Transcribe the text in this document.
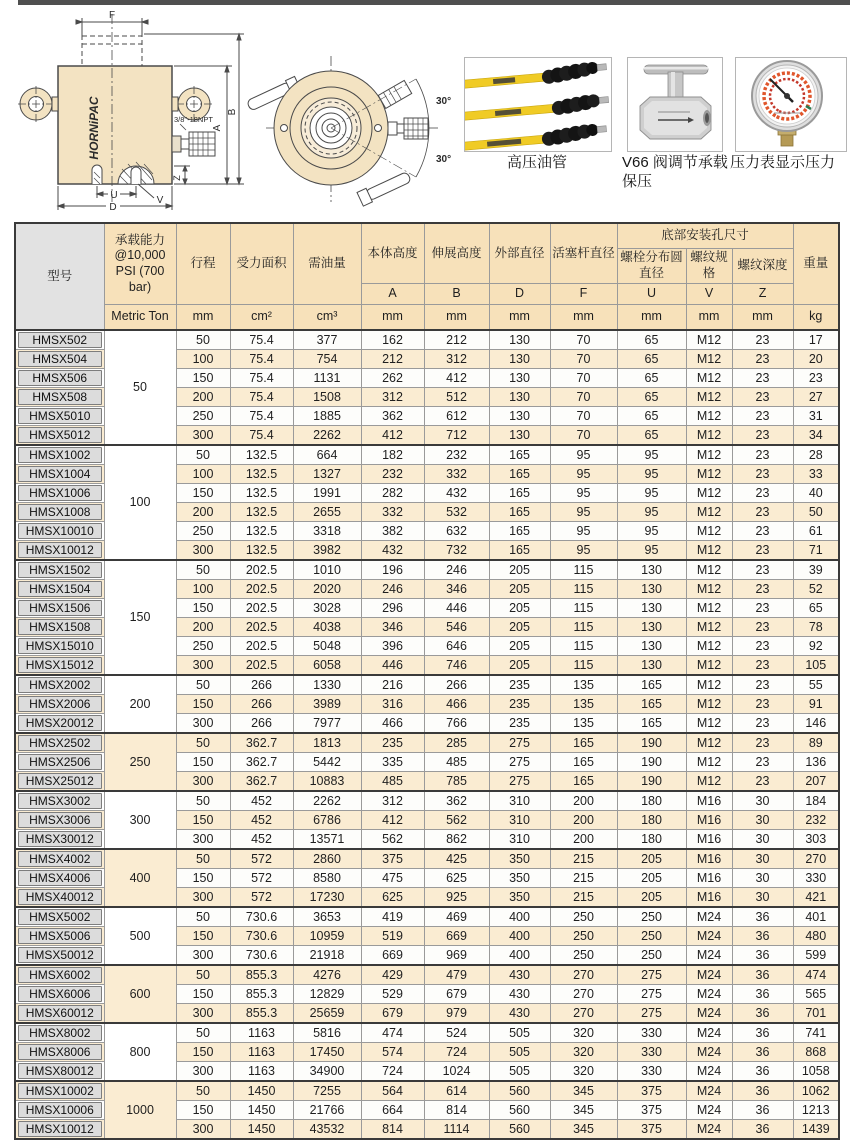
F
HORNiPAC	3/8"-18NPT
A
B
Z
U	V
D
30°
30°	高压油管	V66 阀调节承载保压
压力表显示压力
型号	承载能力 @10,000 PSI (700 bar)	行程	受力面积	需油量	本体高度	伸展高度	外部直径	活塞杆直径	底部安装孔尺寸			重量
									螺栓分布圆直径	螺纹规格	螺纹深度	
					A	B	D	F	U	V	Z	
	Metric Ton	mm	cm²	cm³	mm	mm	mm	mm	mm	mm	mm	kg

HMSX502	50	50	75.4	377	162	212	130	70	65	M12	23	17

HMSX504		100	75.4	754	212	312	130	70	65	M12	23	20

HMSX506		150	75.4	1131	262	412	130	70	65	M12	23	23

HMSX508		200	75.4	1508	312	512	130	70	65	M12	23	27

HMSX5010		250	75.4	1885	362	612	130	70	65	M12	23	31

HMSX5012		300	75.4	2262	412	712	130	70	65	M12	23	34

HMSX1002	100	50	132.5	664	182	232	165	95	95	M12	23	28

HMSX1004		100	132.5	1327	232	332	165	95	95	M12	23	33

HMSX1006		150	132.5	1991	282	432	165	95	95	M12	23	40

HMSX1008		200	132.5	2655	332	532	165	95	95	M12	23	50

HMSX10010		250	132.5	3318	382	632	165	95	95	M12	23	61

HMSX10012		300	132.5	3982	432	732	165	95	95	M12	23	71

HMSX1502	150	50	202.5	1010	196	246	205	115	130	M12	23	39

HMSX1504		100	202.5	2020	246	346	205	115	130	M12	23	52

HMSX1506		150	202.5	3028	296	446	205	115	130	M12	23	65

HMSX1508		200	202.5	4038	346	546	205	115	130	M12	23	78

HMSX15010		250	202.5	5048	396	646	205	115	130	M12	23	92

HMSX15012		300	202.5	6058	446	746	205	115	130	M12	23	105

HMSX2002	200	50	266	1330	216	266	235	135	165	M12	23	55

HMSX2006		150	266	3989	316	466	235	135	165	M12	23	91

HMSX20012		300	266	7977	466	766	235	135	165	M12	23	146

HMSX2502	250	50	362.7	1813	235	285	275	165	190	M12	23	89

HMSX2506		150	362.7	5442	335	485	275	165	190	M12	23	136

HMSX25012		300	362.7	10883	485	785	275	165	190	M12	23	207

HMSX3002	300	50	452	2262	312	362	310	200	180	M16	30	184

HMSX3006		150	452	6786	412	562	310	200	180	M16	30	232

HMSX30012		300	452	13571	562	862	310	200	180	M16	30	303

HMSX4002	400	50	572	2860	375	425	350	215	205	M16	30	270

HMSX4006		150	572	8580	475	625	350	215	205	M16	30	330

HMSX40012		300	572	17230	625	925	350	215	205	M16	30	421

HMSX5002	500	50	730.6	3653	419	469	400	250	250	M24	36	401

HMSX5006		150	730.6	10959	519	669	400	250	250	M24	36	480

HMSX50012		300	730.6	21918	669	969	400	250	250	M24	36	599

HMSX6002	600	50	855.3	4276	429	479	430	270	275	M24	36	474

HMSX6006		150	855.3	12829	529	679	430	270	275	M24	36	565

HMSX60012		300	855.3	25659	679	979	430	270	275	M24	36	701

HMSX8002	800	50	1163	5816	474	524	505	320	330	M24	36	741

HMSX8006		150	1163	17450	574	724	505	320	330	M24	36	868

HMSX80012		300	1163	34900	724	1024	505	320	330	M24	36	1058

HMSX10002	1000	50	1450	7255	564	614	560	345	375	M24	36	1062

HMSX10006		150	1450	21766	664	814	560	345	375	M24	36	1213

HMSX10012		300	1450	43532	814	1114	560	345	375	M24	36	1439
